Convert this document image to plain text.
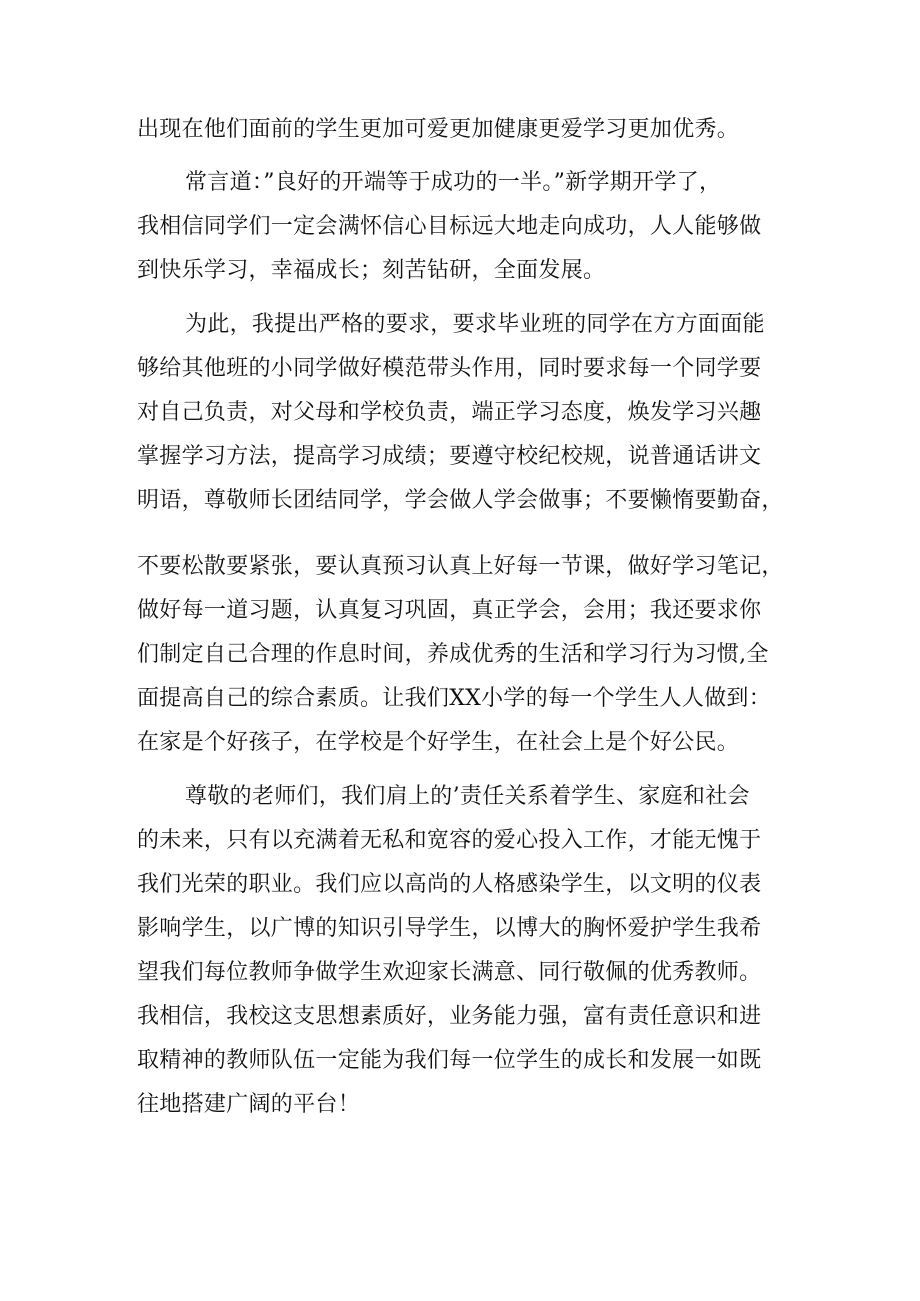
出现在他们面前的学生更加可爱更加健康更爱学习更加优秀。
常言道：”良好的开端等于成功的一半。”新学期开学了，
我相信同学们一定会满怀信心目标远大地走向成功，人人能够做
到快乐学习，幸福成长；刻苦钻研，全面发展。
为此，我提出严格的要求，要求毕业班的同学在方方面面能
够给其他班的小同学做好模范带头作用，同时要求每一个同学要
对自己负责，对父母和学校负责，端正学习态度，焕发学习兴趣
掌握学习方法，提高学习成绩；要遵守校纪校规，说普通话讲文
明语，尊敬师长团结同学，学会做人学会做事；不要懒惰要勤奋，
不要松散要紧张，要认真预习认真上好每一节课，做好学习笔记，
做好每一道习题，认真复习巩固，真正学会，会用；我还要求你
们制定自己合理的作息时间，养成优秀的生活和学习行为习惯,全
面提高自己的综合素质。让我们XX小学的每一个学生人人做到：
在家是个好孩子，在学校是个好学生，在社会上是个好公民。
尊敬的老师们，我们肩上的’责任关系着学生、家庭和社会
的未来，只有以充满着无私和宽容的爱心投入工作，才能无愧于
我们光荣的职业。我们应以高尚的人格感染学生，以文明的仪表
影响学生，以广博的知识引导学生，以博大的胸怀爱护学生我希
望我们每位教师争做学生欢迎家长满意、同行敬佩的优秀教师。
我相信，我校这支思想素质好，业务能力强，富有责任意识和进
取精神的教师队伍一定能为我们每一位学生的成长和发展一如既
往地搭建广阔的平台！
